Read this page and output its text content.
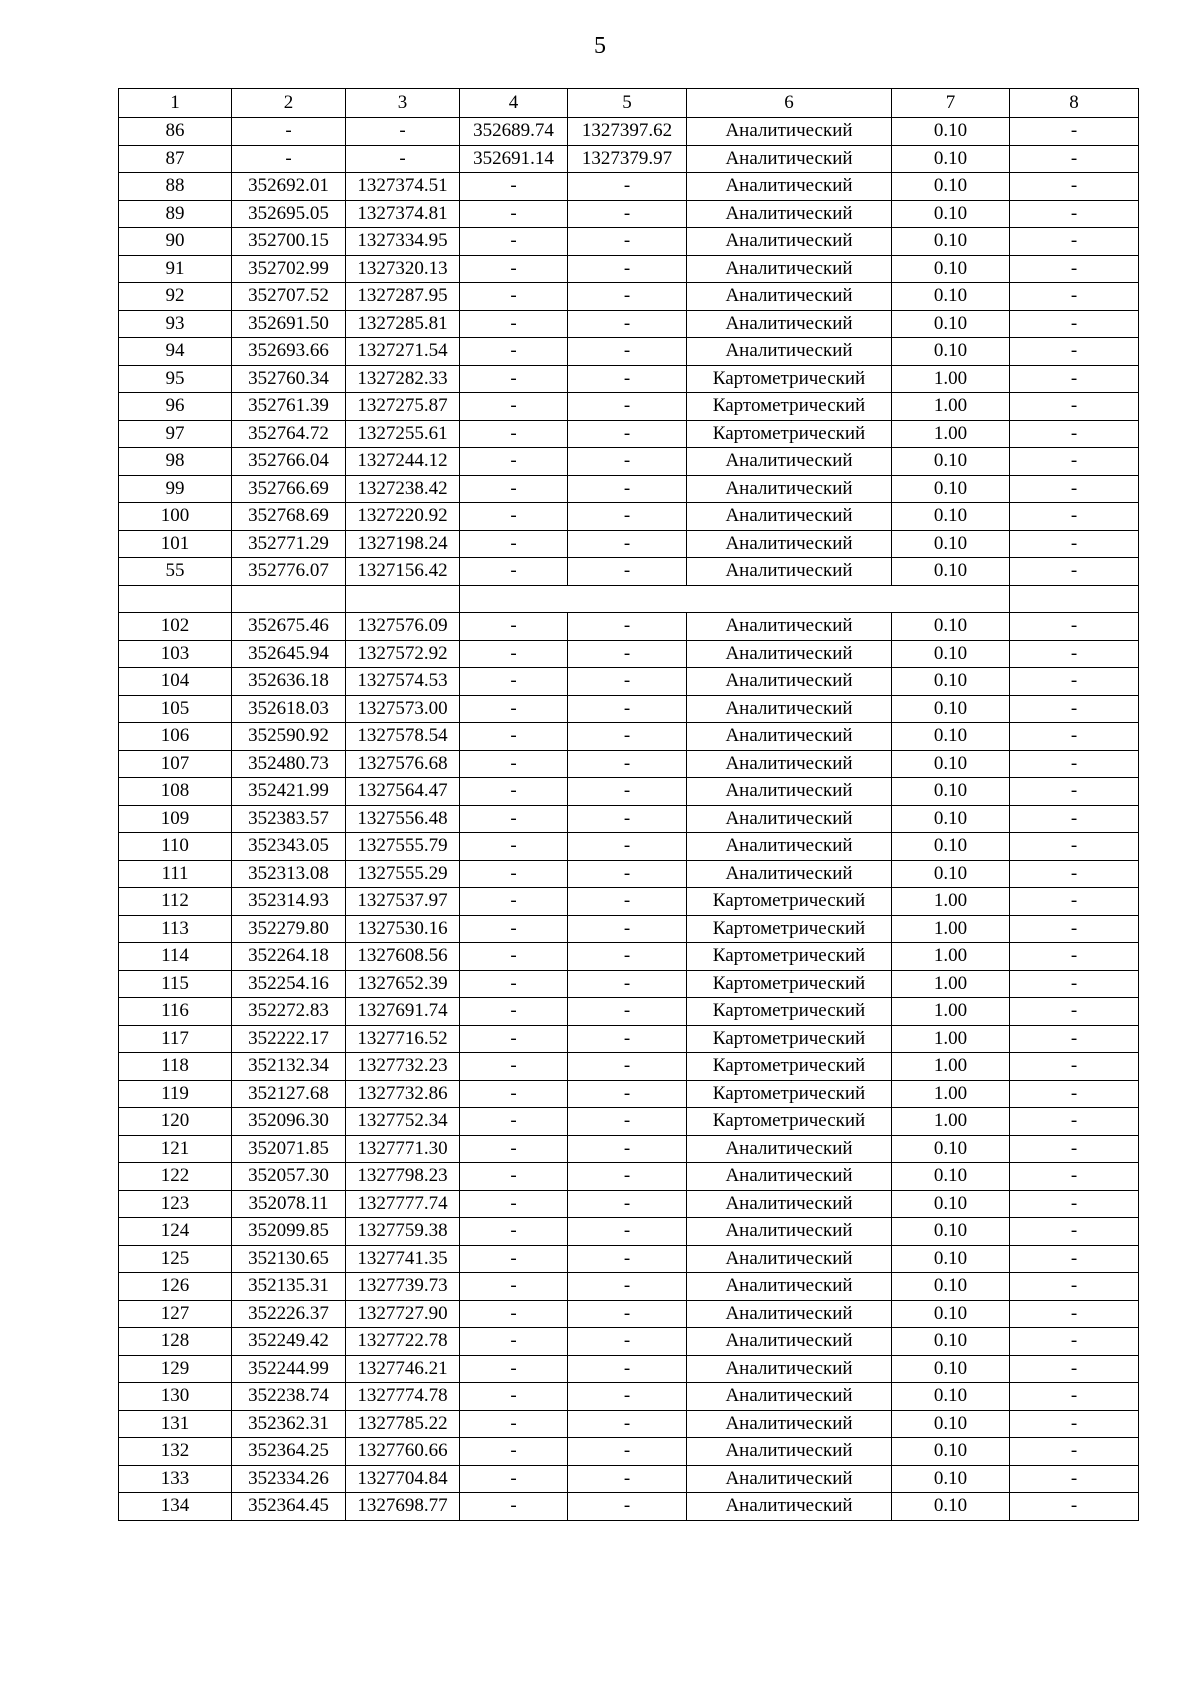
5
1	2	3	4	5	6	7	8
86	-	-	352689.74	1327397.62	Аналитический	0.10	-
87	-	-	352691.14	1327379.97	Аналитический	0.10	-
88	352692.01	1327374.51	-	-	Аналитический	0.10	-
89	352695.05	1327374.81	-	-	Аналитический	0.10	-
90	352700.15	1327334.95	-	-	Аналитический	0.10	-
91	352702.99	1327320.13	-	-	Аналитический	0.10	-
92	352707.52	1327287.95	-	-	Аналитический	0.10	-
93	352691.50	1327285.81	-	-	Аналитический	0.10	-
94	352693.66	1327271.54	-	-	Аналитический	0.10	-
95	352760.34	1327282.33	-	-	Картометрический	1.00	-
96	352761.39	1327275.87	-	-	Картометрический	1.00	-
97	352764.72	1327255.61	-	-	Картометрический	1.00	-
98	352766.04	1327244.12	-	-	Аналитический	0.10	-
99	352766.69	1327238.42	-	-	Аналитический	0.10	-
100	352768.69	1327220.92	-	-	Аналитический	0.10	-
101	352771.29	1327198.24	-	-	Аналитический	0.10	-
55	352776.07	1327156.42	-	-	Аналитический	0.10	-

102	352675.46	1327576.09	-	-	Аналитический	0.10	-
103	352645.94	1327572.92	-	-	Аналитический	0.10	-
104	352636.18	1327574.53	-	-	Аналитический	0.10	-
105	352618.03	1327573.00	-	-	Аналитический	0.10	-
106	352590.92	1327578.54	-	-	Аналитический	0.10	-
107	352480.73	1327576.68	-	-	Аналитический	0.10	-
108	352421.99	1327564.47	-	-	Аналитический	0.10	-
109	352383.57	1327556.48	-	-	Аналитический	0.10	-
110	352343.05	1327555.79	-	-	Аналитический	0.10	-
111	352313.08	1327555.29	-	-	Аналитический	0.10	-
112	352314.93	1327537.97	-	-	Картометрический	1.00	-
113	352279.80	1327530.16	-	-	Картометрический	1.00	-
114	352264.18	1327608.56	-	-	Картометрический	1.00	-
115	352254.16	1327652.39	-	-	Картометрический	1.00	-
116	352272.83	1327691.74	-	-	Картометрический	1.00	-
117	352222.17	1327716.52	-	-	Картометрический	1.00	-
118	352132.34	1327732.23	-	-	Картометрический	1.00	-
119	352127.68	1327732.86	-	-	Картометрический	1.00	-
120	352096.30	1327752.34	-	-	Картометрический	1.00	-
121	352071.85	1327771.30	-	-	Аналитический	0.10	-
122	352057.30	1327798.23	-	-	Аналитический	0.10	-
123	352078.11	1327777.74	-	-	Аналитический	0.10	-
124	352099.85	1327759.38	-	-	Аналитический	0.10	-
125	352130.65	1327741.35	-	-	Аналитический	0.10	-
126	352135.31	1327739.73	-	-	Аналитический	0.10	-
127	352226.37	1327727.90	-	-	Аналитический	0.10	-
128	352249.42	1327722.78	-	-	Аналитический	0.10	-
129	352244.99	1327746.21	-	-	Аналитический	0.10	-
130	352238.74	1327774.78	-	-	Аналитический	0.10	-
131	352362.31	1327785.22	-	-	Аналитический	0.10	-
132	352364.25	1327760.66	-	-	Аналитический	0.10	-
133	352334.26	1327704.84	-	-	Аналитический	0.10	-
134	352364.45	1327698.77	-	-	Аналитический	0.10	-
